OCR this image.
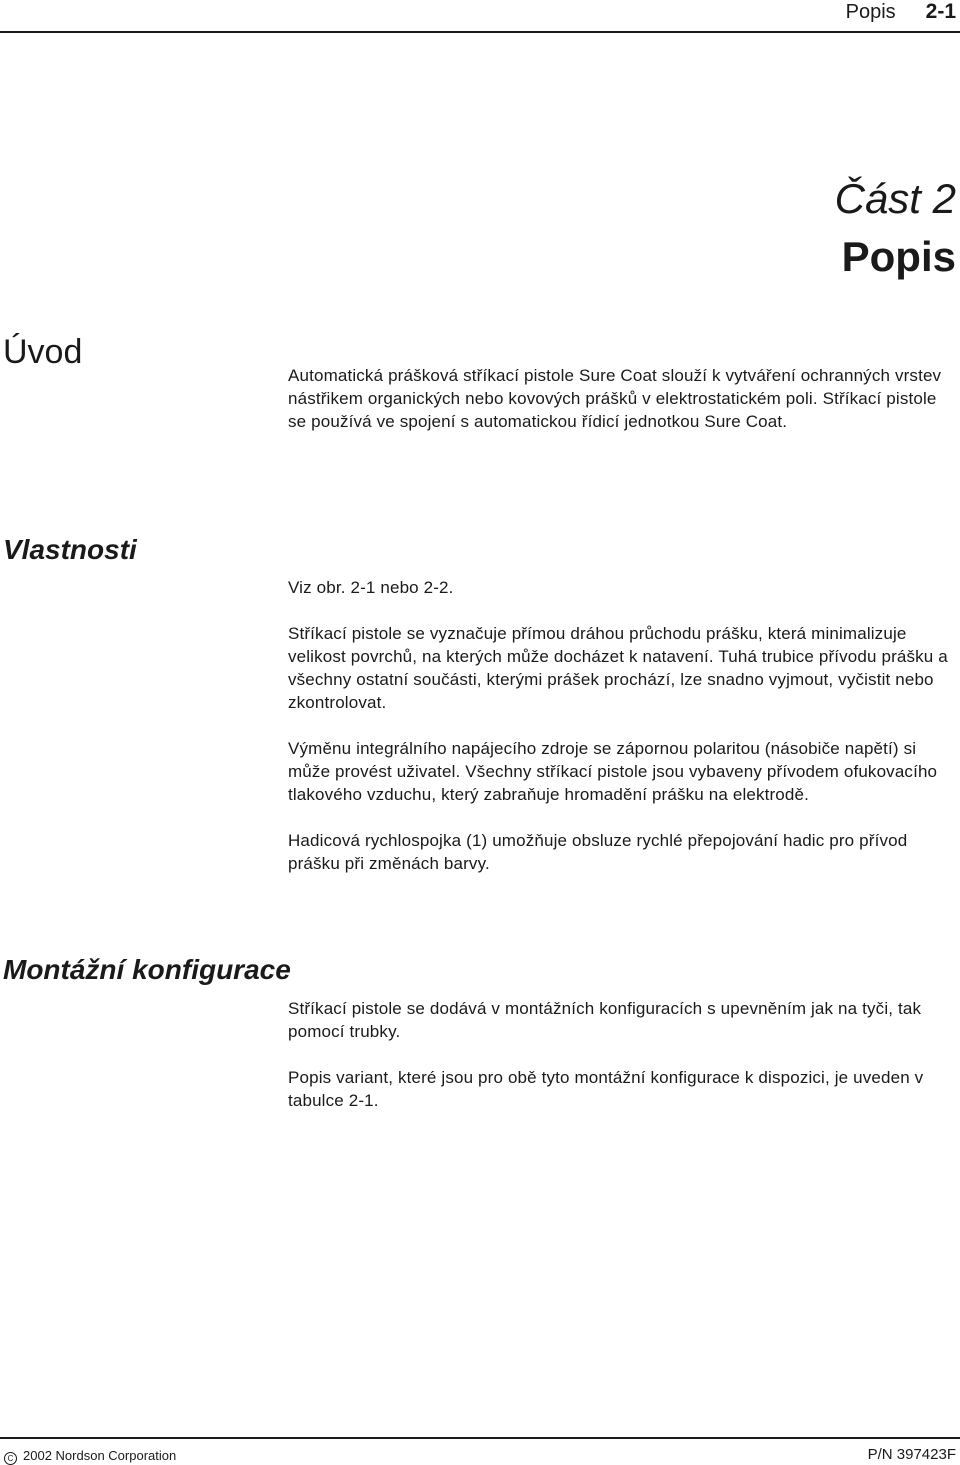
Popis 2-1
Část 2
Popis
Úvod

Automatická prášková stříkací pistole Sure Coat slouží k vytváření ochranných vrstev nástřikem organických nebo kovových prášků v elektrostatickém poli. Stříkací pistole se používá ve spojení s automatickou řídicí jednotkou Sure Coat.

Vlastnosti

Viz obr. 2-1 nebo 2-2.

Stříkací pistole se vyznačuje přímou dráhou průchodu prášku, která minimalizuje velikost povrchů, na kterých může docházet k natavení. Tuhá trubice přívodu prášku a všechny ostatní součásti, kterými prášek prochází, lze snadno vyjmout, vyčistit nebo zkontrolovat.

Výměnu integrálního napájecího zdroje se zápornou polaritou (násobiče napětí) si může provést uživatel. Všechny stříkací pistole jsou vybaveny přívodem ofukovacího tlakového vzduchu, který zabraňuje hromadění prášku na elektrodě.

Hadicová rychlospojka (1) umožňuje obsluze rychlé přepojování hadic pro přívod prášku při změnách barvy.

Montážní konfigurace

Stříkací pistole se dodává v montážních konfiguracích s upevněním jak na tyči, tak pomocí trubky.

Popis variant, které jsou pro obě tyto montážní konfigurace k dispozici, je uveden v tabulce 2-1.

C 2002 Nordson Corporation	P/N 397423F
